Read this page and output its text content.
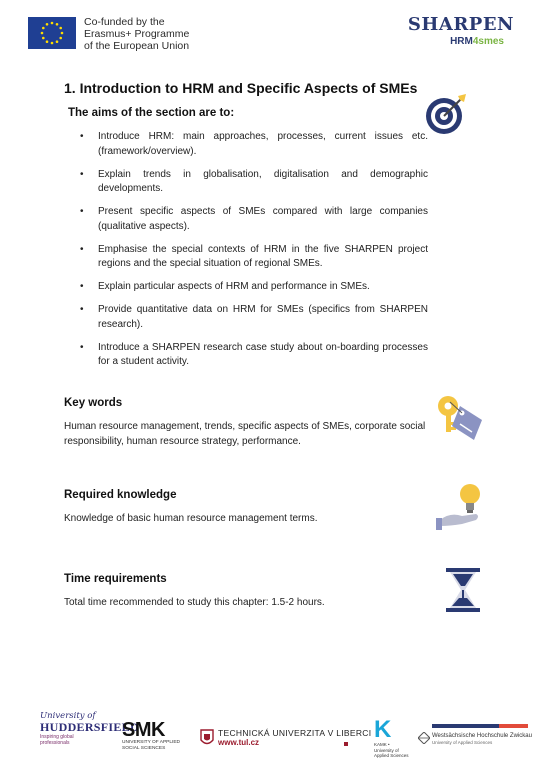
Co-funded by the
Erasmus+ Programme
of the European Union
SHARPEN
HRM4smes
1. Introduction to HRM and Specific Aspects of SMEs
The aims of the section are to:
• Introduce HRM: main approaches, processes, current issues etc. (framework/overview).
• Explain trends in globalisation, digitalisation and demographic developments.
• Present specific aspects of SMEs compared with large companies (qualitative aspects).
• Emphasise the special contexts of HRM in the five SHARPEN project regions and the special situation of regional SMEs.
• Explain particular aspects of HRM and performance in SMEs.
• Provide quantitative data on HRM for SMEs (specifics from SHARPEN research).
• Introduce a SHARPEN research case study about on-boarding processes for a student activity.
Key words
Human resource management, trends, specific aspects of SMEs, corporate social responsibility, human resource strategy, performance.
Required knowledge
Knowledge of basic human resource management terms.
Time requirements
Total time recommended to study this chapter: 1.5-2 hours.
University of
HUDDERSFIELD
Inspiring global professionals
SMK
UNIVERSITY OF APPLIED
SOCIAL SCIENCES
TECHNICKÁ UNIVERZITA V LIBERCI
www.tul.cz	K
KAMK • University of Applied Sciences
Westsächsische Hochschule Zwickau
University of Applied Sciences
